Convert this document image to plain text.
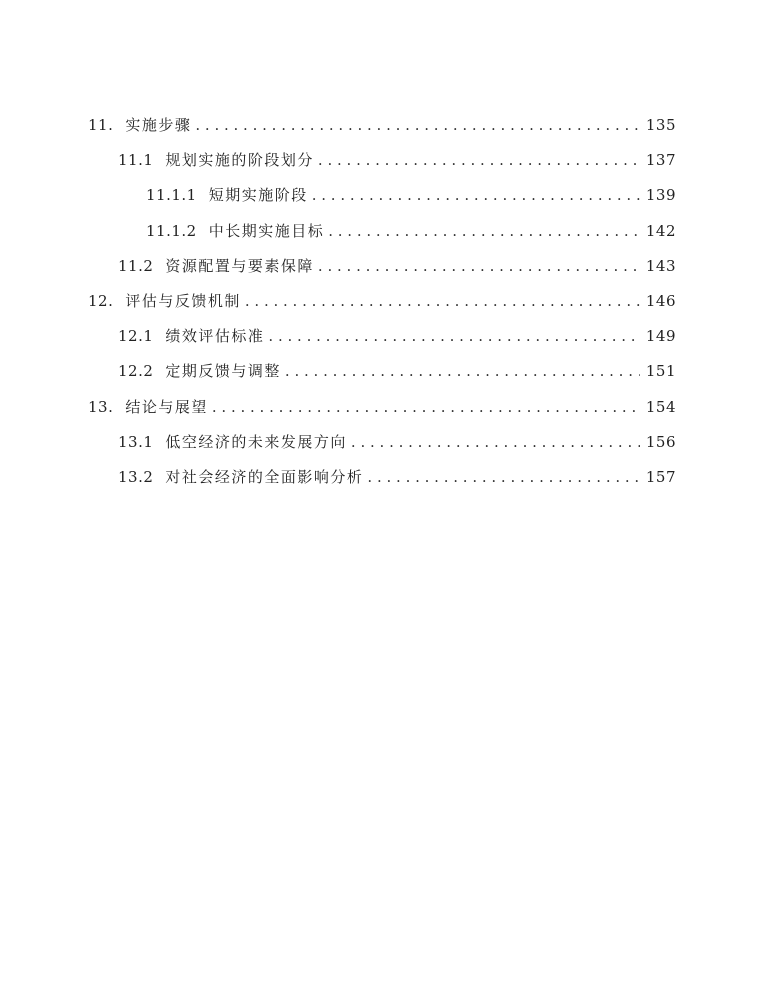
11. 实施步骤 . . .	135
11.1 规划实施的阶段划分 . . .	137
11.1.1 短期实施阶段 . . .	139
11.1.2 中长期实施目标 . . .	142
11.2 资源配置与要素保障 . . .	143
12. 评估与反馈机制 . . .	146
12.1 绩效评估标准 . . .	149
12.2 定期反馈与调整 . . .	151
13. 结论与展望 . . .	154
13.1 低空经济的未来发展方向 . . .	156
13.2 对社会经济的全面影响分析 . . .	157
